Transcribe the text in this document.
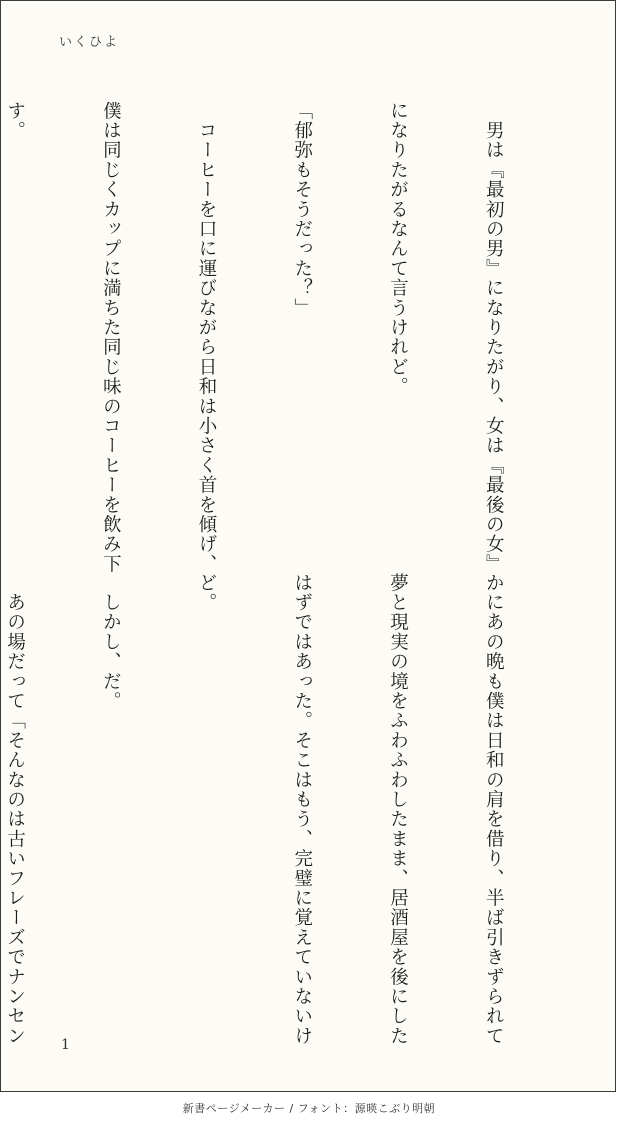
いくひよ

　男は『最初の男』になりたがり、女は『最後の女』

になりたがるなんて言うけれど。

「郁弥もそうだった？」

　コーヒーを口に運びながら日和は小さく首を傾げ、

僕は同じくカップに満ちた同じ味のコーヒーを飲み下

す。

かにあの晩も僕は日和の肩を借り、半ば引きずられて

夢と現実の境をふわふわしたまま、居酒屋を後にした

はずではあった。そこはもう、完璧に覚えていないけ

ど。

　しかし、だ。

　あの場だって「そんなのは古いフレーズでナンセン

	1
新書ページメーカー / フォント：源暎こぶり明朝
